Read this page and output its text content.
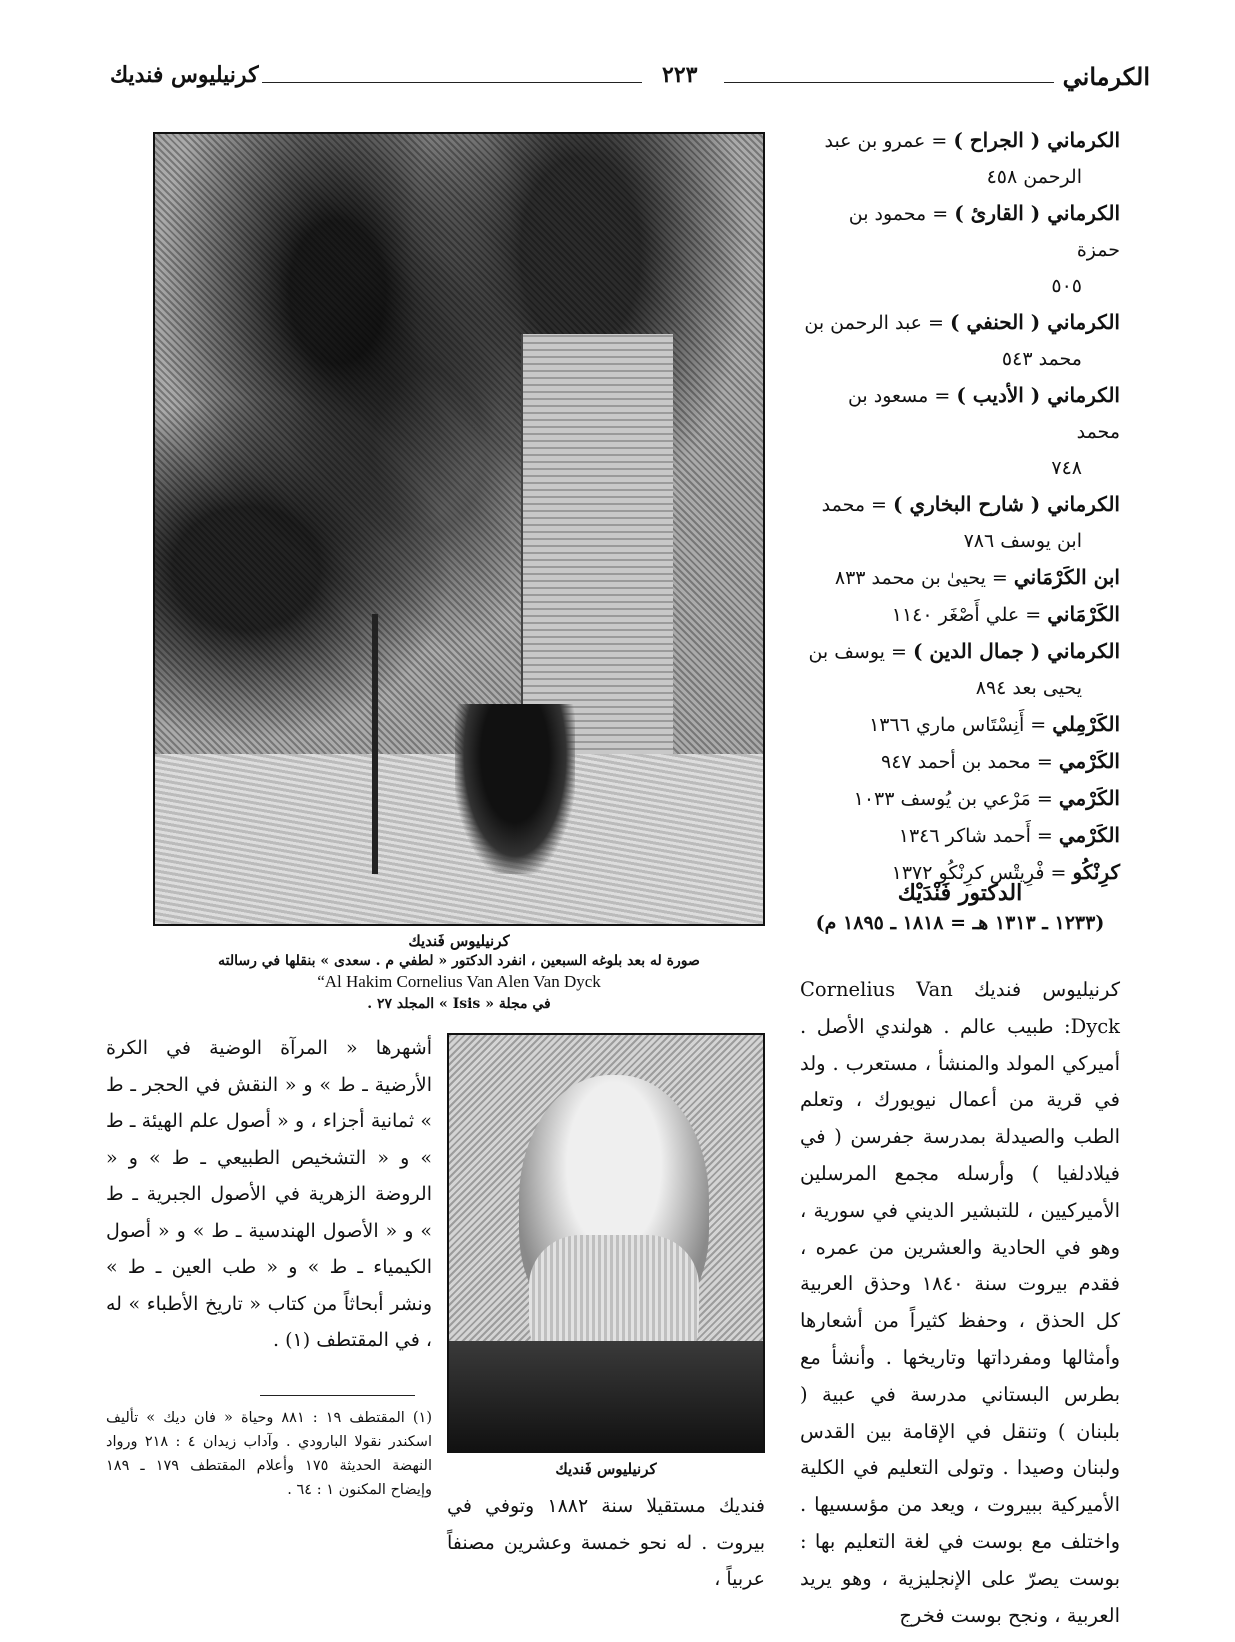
كرنيليوس فنديك	٢٢٣	الكرماني
الكرماني ( الجراح ) = عمرو بن عبد
الرحمن ٤٥٨
الكرماني ( القارئ ) = محمود بن حمزة
٥٠٥
الكرماني ( الحنفي ) = عبد الرحمن بن
محمد ٥٤٣
الكرماني ( الأديب ) = مسعود بن محمد
٧٤٨
الكرماني ( شارح البخاري ) = محمد
ابن يوسف ٧٨٦
ابن الكَرْمَاني = يحيىٰ بن محمد ٨٣٣
الكَرْمَاني = علي أَصْغَر ١١٤٠
الكرماني ( جمال الدين ) = يوسف بن
يحيى بعد ٨٩٤
الكَرْمِلي = أَنِسْتَاس ماري ١٣٦٦
الكَرْمي = محمد بن أحمد ٩٤٧
الكَرْمي = مَرْعي بن يُوسف ١٠٣٣
الكَرْمي = أَحمد شاكر ١٣٤٦
كرِنْكُو = فْرِيتْس كرِنْكُو ١٣٧٢
الدكتور فَنْدَيْك
(١٢٣٣ ـ ١٣١٣ هـ = ١٨١٨ ـ ١٨٩٥ م)
كرنيليوس فنديك Cornelius Van Dyck: طبيب عالم . هولندي الأصل . أميركي المولد والمنشأ ، مستعرب . ولد في قرية من أعمال نيويورك ، وتعلم الطب والصيدلة بمدرسة جفرسن ( في فيلادلفيا ) وأرسله مجمع المرسلين الأميركيين ، للتبشير الديني في سورية ، وهو في الحادية والعشرين من عمره ، فقدم بيروت سنة ١٨٤٠ وحذق العربية كل الحذق ، وحفظ كثيراً من أشعارها وأمثالها ومفرداتها وتاريخها . وأنشأ مع بطرس البستاني مدرسة في عبية ( بلبنان ) وتنقل في الإقامة بين القدس ولبنان وصيدا . وتولى التعليم في الكلية الأميركية ببيروت ، ويعد من مؤسسيها . واختلف مع بوست في لغة التعليم بها : بوست يصرّ على الإنجليزية ، وهو يريد العربية ، ونجح بوست فخرج
كرنيليوس فَنديك
صورة له بعد بلوغه السبعين ، انفرد الدكتور « لطفي م . سعدى » بنقلها في رسالته
“Al Hakim Cornelius Van Alen Van Dyck
في مجلة « Isis » المجلد ٢٧ .
كرنيليوس فَنديك
أشهرها « المرآة الوضية في الكرة الأرضية ـ ط » و « النقش في الحجر ـ ط » ثمانية أجزاء ، و « أصول علم الهيئة ـ ط » و « التشخيص الطبيعي ـ ط » و « الروضة الزهرية في الأصول الجبرية ـ ط » و « الأصول الهندسية ـ ط » و « أصول الكيمياء ـ ط » و « طب العين ـ ط » ونشر أبحاثاً من كتاب « تاريخ الأطباء » له ، في المقتطف (١) .
(١) المقتطف ١٩ : ٨٨١ وحياة « فان ديك » تأليف اسكندر نقولا البارودي . وآداب زيدان ٤ : ٢١٨ ورواد النهضة الحديثة ١٧٥ وأعلام المقتطف ١٧٩ ـ ١٨٩ وإيضاح المكنون ١ : ٦٤ .
فنديك مستقيلا سنة ١٨٨٢ وتوفي في بيروت . له نحو خمسة وعشرين مصنفاً عربياً ،
